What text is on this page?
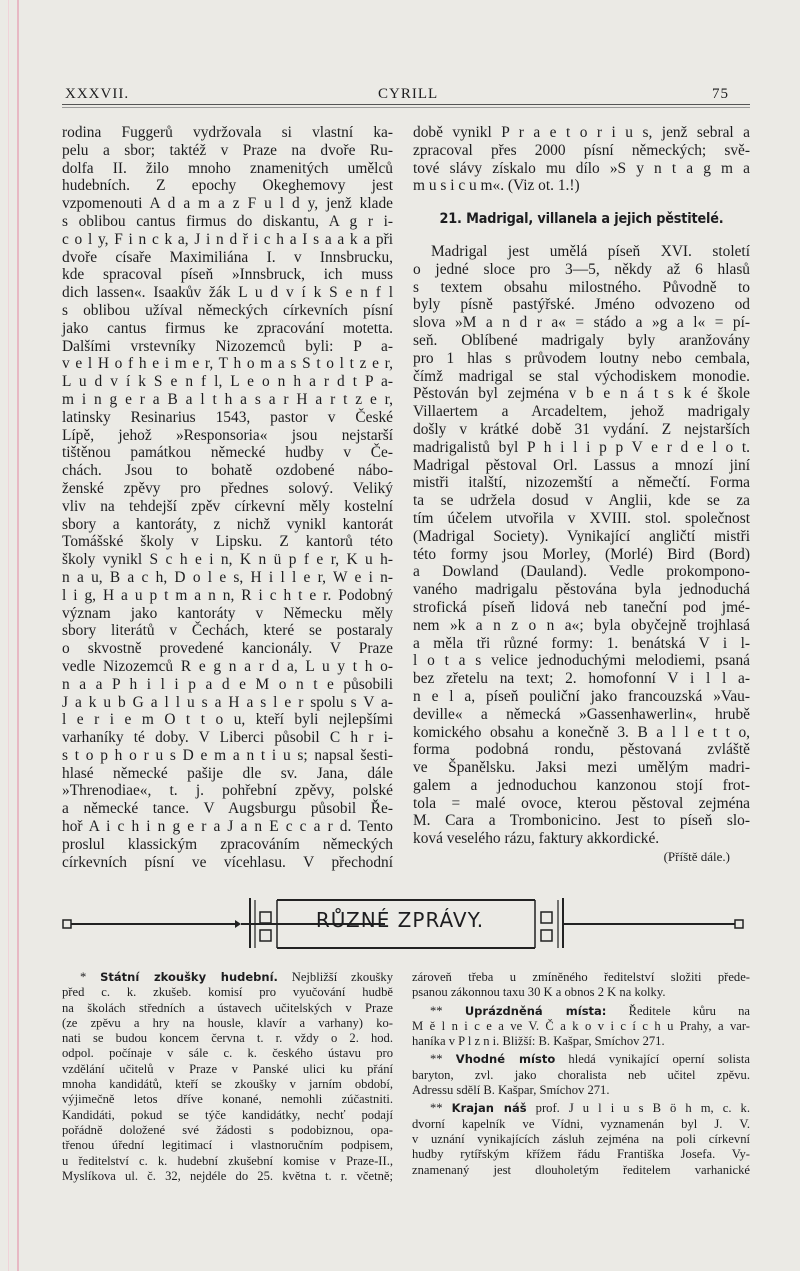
XXXVII.	CYRILL	75
rodina Fuggerů vydržovala si vlastní ka-
pelu a sbor; taktéž v Praze na dvoře Ru-
dolfa II. žilo mnoho znamenitých umělců
hudebních. Z epochy Okeghemovy jest
vzpomenouti A d a m a z F u l d y, jenž klade
s oblibou cantus firmus do diskantu, A g r i-
c o l y, F i n c k a, J i n d ř i c h a I s a a k a při
dvoře císaře Maximiliána I. v Innsbrucku,
kde spracoval píseň »Innsbruck, ich muss
dich lassen«. Isaakův žák L u d v í k S e n f l
s oblibou užíval německých církevních písní
jako cantus firmus ke zpracování motetta.
Dalšími vrstevníky Nizozemců byli: P a-
v e l H o f h e i m e r, T h o m a s S t o l t z e r,
L u d v í k S e n f l, L e o n h a r d t P a-
m i n g e r a B a l t h a s a r H a r t z e r,
latinsky Resinarius 1543, pastor v České
Lípě, jehož »Responsoria« jsou nejstarší
tištěnou památkou německé hudby v Če-
chách. Jsou to bohatě ozdobené nábo-
ženské zpěvy pro přednes solový. Veliký
vliv na tehdejší zpěv církevní měly kostelní
sbory a kantoráty, z nichž vynikl kantorát
Tomášské školy v Lipsku. Z kantorů této
školy vynikl S c h e i n, K n ü p f e r, K u h-
n a u, B a c h, D o l e s, H i l l e r, W e i n-
l i g, H a u p t m a n n, R i c h t e r. Podobný
význam jako kantoráty v Německu měly
sbory literátů v Čechách, které se postaraly
o skvostně provedené kancionály. V Praze
vedle Nizozemců R e g n a r d a, L u y t h o-
n a a P h i l i p a d e M o n t e působili
J a k u b G a l l u s a H a s l e r spolu s V a-
l e r i e m O t t o u, kteří byli nejlepšími
varhaníky té doby. V Liberci působil C h r i-
s t o p h o r u s D e m a n t i u s; napsal šesti-
hlasé německé pašije dle sv. Jana, dále
»Threnodiae«, t. j. pohřební zpěvy, polské
a německé tance. V Augsburgu působil Ře-
hoř A i c h i n g e r a J a n E c c a r d. Tento
proslul klassickým zpracováním německých
církevních písní ve vícehlasu. V přechodní
době vynikl P r a e t o r i u s, jenž sebral a
zpracoval přes 2000 písní německých; svě-
tové slávy získalo mu dílo »S y n t a g m a
m u s i c u m«. (Viz ot. 1.!)
21. Madrigal, villanela a jejich pěstitelé.
Madrigal jest umělá píseň XVI. století
o jedné sloce pro 3—5, někdy až 6 hlasů
s textem obsahu milostného. Původně to
byly písně pastýřské. Jméno odvozeno od
slova »M a n d r a« = stádo a »g a l« = pí-
seň. Oblíbené madrigaly byly aranžovány
pro 1 hlas s průvodem loutny nebo cembala,
čímž madrigal se stal východiskem monodie.
Pěstován byl zejména v b e n á t s k é škole
Villaertem a Arcadeltem, jehož madrigaly
došly v krátké době 31 vydání. Z nejstarších
madrigalistů byl P h i l i p p V e r d e l o t.
Madrigal pěstoval Orl. Lassus a mnozí jiní
mistři italští, nizozemští a němečtí. Forma
ta se udržela dosud v Anglii, kde se za
tím účelem utvořila v XVIII. stol. společnost
(Madrigal Society). Vynikající angličtí mistři
této formy jsou Morley, (Morlé) Bird (Bord)
a Dowland (Dauland). Vedle prokompono-
vaného madrigalu pěstována byla jednoduchá
strofická píseň lidová neb taneční pod jmé-
nem »k a n z o n a«; byla obyčejně trojhlasá
a měla tři různé formy: 1. benátská V i l-
l o t a s velice jednoduchými melodiemi, psaná
bez zřetelu na text; 2. homofonní V i l l a-
n e l a, píseň pouliční jako francouzská »Vau-
deville« a německá »Gassenhawerlin«, hrubě
komického obsahu a konečně 3. B a l l e t t o,
forma podobná rondu, pěstovaná zvláště
ve Španělsku. Jaksi mezi umělým madri-
galem a jednoduchou kanzonou stojí frot-
tola = malé ovoce, kterou pěstoval zejména
M. Cara a Trombonicino. Jest to píseň slo-
ková veselého rázu, faktury akkordické.
(Příště dále.)
RŮZNÉ ZPRÁVY.
* Státní zkoušky hudební. Nejbližší zkoušky
před c. k. zkušeb. komisí pro vyučování hudbě
na školách středních a ústavech učitelských v Praze
(ze zpěvu a hry na housle, klavír a varhany) ko-
nati se budou koncem června t. r. vždy o 2. hod.
odpol. počínaje v sále c. k. českého ústavu pro
vzdělání učitelů v Praze v Panské ulici ku přání
mnoha kandidátů, kteří se zkoušky v jarním období,
výjimečně letos dříve konané, nemohli zúčastniti.
Kandidáti, pokud se týče kandidátky, nechť podají
pořádně doložené své žádosti s podobiznou, opa-
třenou úřední legitimací i vlastnoručním podpisem,
u ředitelství c. k. hudební zkušební komise v Praze-II.,
Myslíkova ul. č. 32, nejdéle do 25. května t. r. včetně;
zároveň třeba u zmíněného ředitelství složiti přede-
psanou zákonnou taxu 30 K a obnos 2 K na kolky.
** Uprázdněná místa: Ředitele kůru na
M ě l n i c e a ve V. Č a k o v i c í c h u Prahy, a var-
haníka v P l z n i. Bližší: B. Kašpar, Smíchov 271.
** Vhodné místo hledá vynikající operní solista
baryton, zvl. jako choralista neb učitel zpěvu.
Adressu sdělí B. Kašpar, Smíchov 271.
** Krajan náš prof. J u l i u s B ö h m, c. k.
dvorní kapelník ve Vídni, vyznamenán byl J. V.
v uznání vynikajících zásluh zejména na poli církevní
hudby rytířským křížem řádu Františka Josefa. Vy-
znamenaný jest dlouholetým ředitelem varhanické
